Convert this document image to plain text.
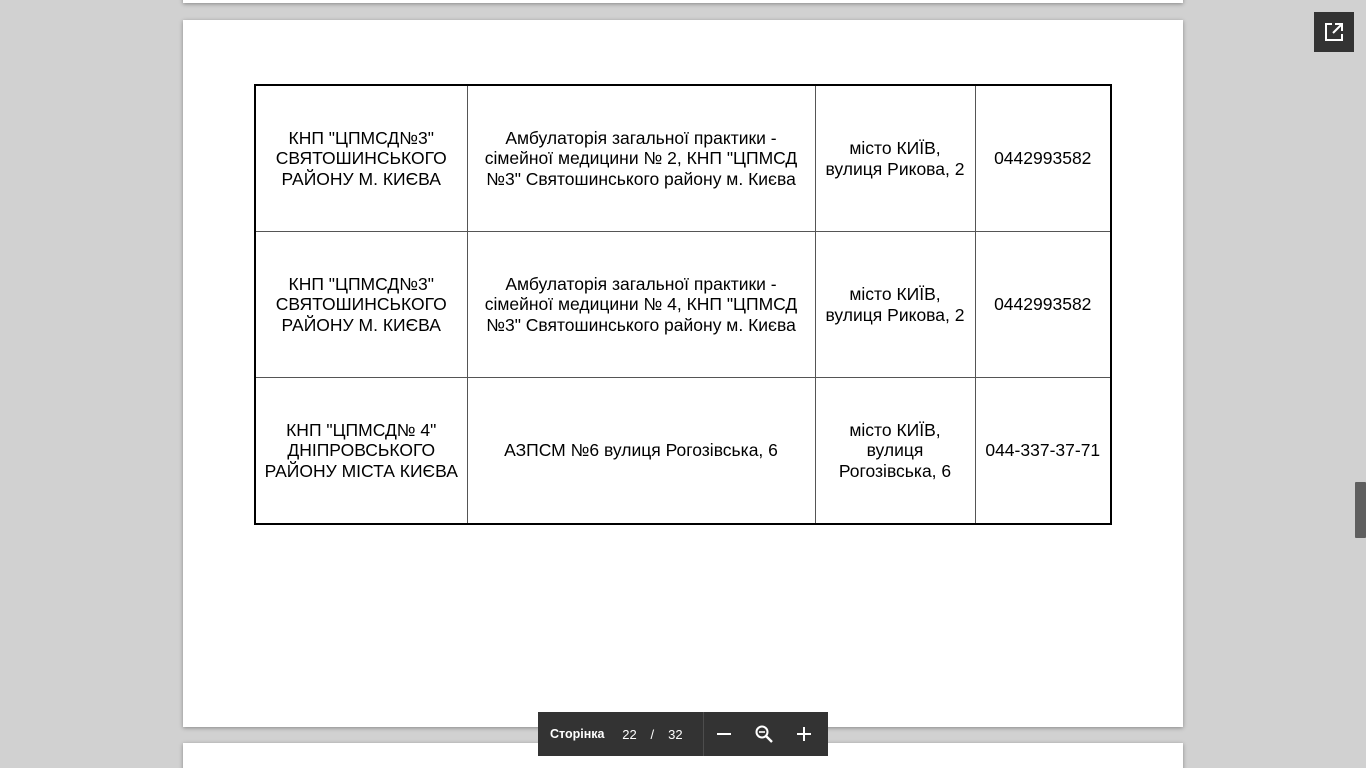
КНП "ЦПМСД№3" СВЯТОШИНСЬКОГО РАЙОНУ М. КИЄВА	Амбулаторія загальної практики - сімейної медицини № 2, КНП "ЦПМСД №3" Святошинського району м. Києва	місто КИЇВ, вулиця Рикова, 2	0442993582
КНП "ЦПМСД№3" СВЯТОШИНСЬКОГО РАЙОНУ М. КИЄВА	Амбулаторія загальної практики - сімейної медицини № 4, КНП "ЦПМСД №3" Святошинського району м. Києва	місто КИЇВ, вулиця Рикова, 2	0442993582
КНП "ЦПМСД№ 4" ДНІПРОВСЬКОГО РАЙОНУ МІСТА КИЄВА	АЗПСМ №6 вулиця Рогозівська, 6	місто КИЇВ, вулиця Рогозівська, 6	044-337-37-71
Сторінка 22 / 32
